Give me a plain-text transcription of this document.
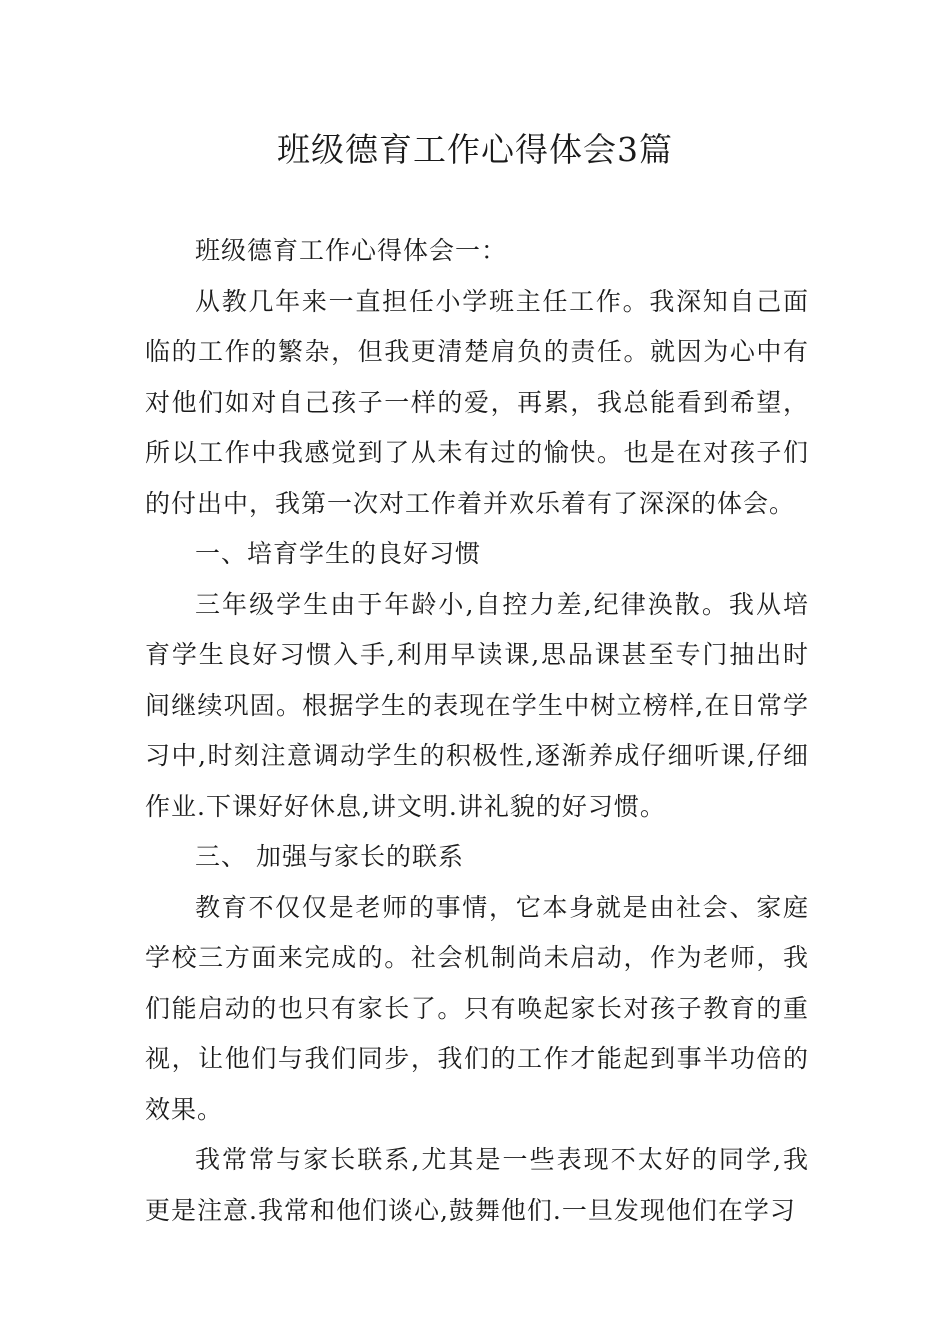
班级德育工作心得体会3篇

班级德育工作心得体会一：

从教几年来一直担任小学班主任工作。我深知自己面临的工作的繁杂，但我更清楚肩负的责任。就因为心中有对他们如对自己孩子一样的爱，再累，我总能看到希望，所以工作中我感觉到了从未有过的愉快。也是在对孩子们的付出中，我第一次对工作着并欢乐着有了深深的体会。

一、培育学生的良好习惯

三年级学生由于年龄小,自控力差,纪律涣散。我从培育学生良好习惯入手,利用早读课,思品课甚至专门抽出时间继续巩固。根据学生的表现在学生中树立榜样,在日常学习中,时刻注意调动学生的积极性,逐渐养成仔细听课,仔细作业.下课好好休息,讲文明.讲礼貌的好习惯。

三、 加强与家长的联系

教育不仅仅是老师的事情，它本身就是由社会、家庭学校三方面来完成的。社会机制尚未启动，作为老师，我们能启动的也只有家长了。只有唤起家长对孩子教育的重视，让他们与我们同步，我们的工作才能起到事半功倍的效果。

我常常与家长联系,尤其是一些表现不太好的同学,我更是注意.我常和他们谈心,鼓舞他们.一旦发现他们在学习
